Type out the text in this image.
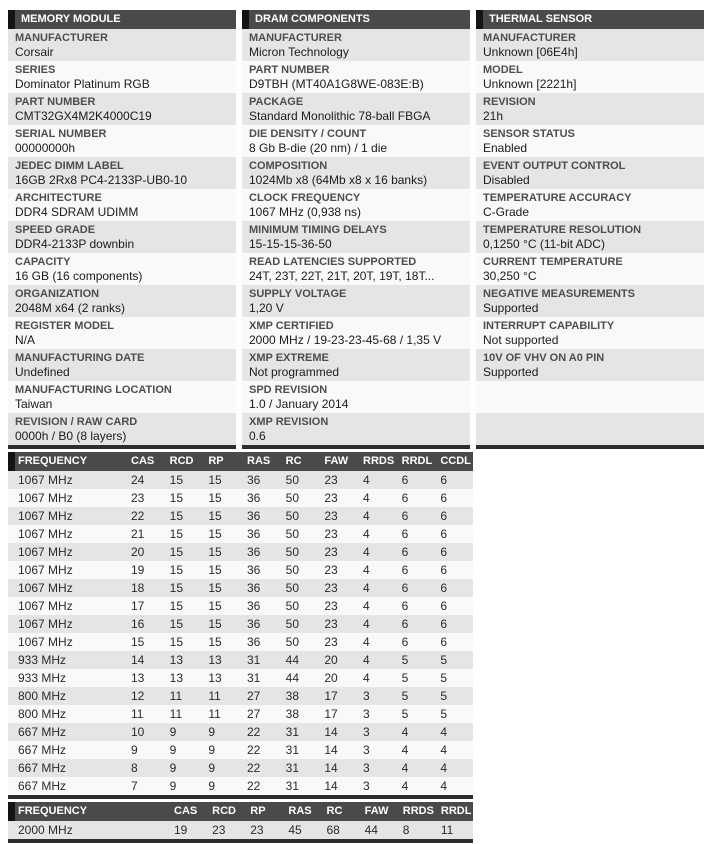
MEMORY MODULE
MANUFACTURER
Corsair
SERIES
Dominator Platinum RGB
PART NUMBER
CMT32GX4M2K4000C19
SERIAL NUMBER
00000000h
JEDEC DIMM LABEL
16GB 2Rx8 PC4-2133P-UB0-10
ARCHITECTURE
DDR4 SDRAM UDIMM
SPEED GRADE
DDR4-2133P downbin
CAPACITY
16 GB (16 components)
ORGANIZATION
2048M x64 (2 ranks)
REGISTER MODEL
N/A
MANUFACTURING DATE
Undefined
MANUFACTURING LOCATION
Taiwan
REVISION / RAW CARD
0000h / B0 (8 layers)
DRAM COMPONENTS
MANUFACTURER
Micron Technology
PART NUMBER
D9TBH (MT40A1G8WE-083E:B)
PACKAGE
Standard Monolithic 78-ball FBGA
DIE DENSITY / COUNT
8 Gb B-die (20 nm) / 1 die
COMPOSITION
1024Mb x8 (64Mb x8 x 16 banks)
CLOCK FREQUENCY
1067 MHz (0,938 ns)
MINIMUM TIMING DELAYS
15-15-15-36-50
READ LATENCIES SUPPORTED
24T, 23T, 22T, 21T, 20T, 19T, 18T...
SUPPLY VOLTAGE
1,20 V
XMP CERTIFIED
2000 MHz / 19-23-23-45-68 / 1,35 V
XMP EXTREME
Not programmed
SPD REVISION
1.0 / January 2014
XMP REVISION
0.6
THERMAL SENSOR
MANUFACTURER
Unknown [06E4h]
MODEL
Unknown [2221h]
REVISION
21h
SENSOR STATUS
Enabled
EVENT OUTPUT CONTROL
Disabled
TEMPERATURE ACCURACY
C-Grade
TEMPERATURE RESOLUTION
0,1250 °C (11-bit ADC)
CURRENT TEMPERATURE
30,250 °C
NEGATIVE MEASUREMENTS
Supported
INTERRUPT CAPABILITY
Not supported
10V OF VHV ON A0 PIN
Supported
FREQUENCY	CAS	RCD	RP	RAS	RC	FAW	RRDS RRDL CCDL
1067 MHz	24	15	15	36	50	23	4	6	6
1067 MHz	23	15	15	36	50	23	4	6	6
1067 MHz	22	15	15	36	50	23	4	6	6
1067 MHz	21	15	15	36	50	23	4	6	6
1067 MHz	20	15	15	36	50	23	4	6	6
1067 MHz	19	15	15	36	50	23	4	6	6
1067 MHz	18	15	15	36	50	23	4	6	6
1067 MHz	17	15	15	36	50	23	4	6	6
1067 MHz	16	15	15	36	50	23	4	6	6
1067 MHz	15	15	15	36	50	23	4	6	6
933 MHz	14	13	13	31	44	20	4	5	5
933 MHz	13	13	13	31	44	20	4	5	5
800 MHz	12	11	11	27	38	17	3	5	5
800 MHz	11	11	11	27	38	17	3	5	5
667 MHz	10	9	9	22	31	14	3	4	4
667 MHz	9	9	9	22	31	14	3	4	4
667 MHz	8	9	9	22	31	14	3	4	4
667 MHz	7	9	9	22	31	14	3	4	4
FREQUENCY	CAS	RCD	RP	RAS	RC	FAW	RRDS RRDL
2000 MHz	19	23	23	45	68	44	8	11
